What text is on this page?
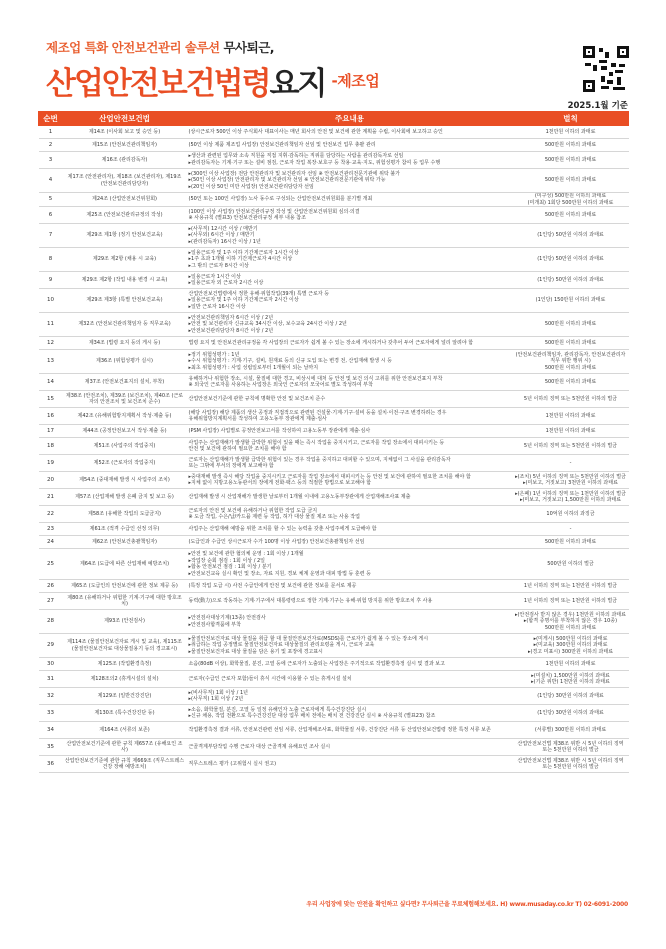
제조업 특화 안전보건관리 솔루션 무사퇴근,
산업안전보건법령요지 $^{-제조업}$
2025.1월 기준
순번	산업안전보건법	주요내용	벌칙
1	제14조 (이사회 보고 및 승인 등)	(상시근로자 500인 이상 주식회사 대표이사는 매년 회사의 안전 및 보건에 관한 계획을 수립, 이사회에 보고하고 승인	1천만원 이하의 과태료
2	제15조 (안전보건관리책임자)	(50인 이상 제품 제조업 사업장) 안전보건관리책임자 선임 및 안전보건 업무 총괄 관리	500만원 이하의 과태료
3	제16조 (관리감독자)	▸생산과 관련된 업무와 소속 직원을 직접 지휘·감독하는 직위를 담당하는 사람을 관리감독자로 선임
▸관리감독자는 기계·기구 또는 설비 점검, 근로자 작업 복장·보호구 등 착용·교육·지도, 위험성평가 참여 등 업무 수행	500만원 이하의 과태료
4	제17조 (안전관리자), 제18조 (보건관리자), 제19조 (안전보건관리담당자)	▸(300인 이상 사업장) 전담 안전관리자 및 보건관리자 선임 ※ 안전보건관리전문기관에 위탁 불가
▸(50인 이상 사업장) 안전관리자 및 보건관리자 선임 ※ 안전보건관리전문기관에 위탁 가능
▸(20인 이상 50인 미만 사업장) 안전보건관리담당자 선임	500만원 이하의 과태료
5	제24조 (산업안전보건위원회)	(50인 또는 100인 사업장) 노사 동수로 구성되는 산업안전보건위원회를 분기별 개최	(미구성) 500만원 이하의 과태료
(미개최) 1회당 500만원 이하의 과태료
6	제25조 (안전보건관리규정의 작성)	(100인 이상 사업장) 안전보건관리규정 작성 및 산업안전보건위원회 심의·의결
※ 사용규칙 (별표3) 안전보건관리규정 세부 내용 참조	500만원 이하의 과태료
7	제29조 제1항 (정기 안전보건교육)	▸(사무직) 12시간 이상 / 매반기
▸(사무외) 6시간 이상 / 매반기
▸(관리감독자) 16시간 이상 / 1년	(1인당) 50만원 이하의 과태료
8	제29조 제2항 (채용 시 교육)	▸일용근로자 및 1주 이하 기간제근로자 1시간 이상
▸1주 초과 1개월 이하 기간제근로자 4시간 이상
▸그 밖의 근로자 8시간 이상	(1인당) 50만원 이하의 과태료
9	제29조 제2항 (작업 내용 변경 시 교육)	▸일용근로자 1시간 이상
▸일용근로자 외 근로자 2시간 이상	(1인당) 50만원 이하의 과태료
10	제29조 제3항 (특별 안전보건교육)	산업안전보건법령에서 정한 유해·위험작업(39개) 특별 근로자 등
▸일용근로자 및 1주 이하 기간제근로자 2시간 이상
▸일반 근로자 16시간 이상	(1인당) 150만원 이하의 과태료
11	제32조 (안전보건관리책임자 등 직무교육)	▸안전보건관리책임자 6시간 이상 / 2년
▸안전 및 보건관리자 신규교육 34시간 이상, 보수교육 24시간 이상 / 2년
▸안전보건관리담당자 8시간 이상 / 2년	500만원 이하의 과태료
12	제34조 (법령 요지 등의 게시 등)	법령 요지 및 안전보건관리규정을 각 사업장의 근로자가 쉽게 볼 수 있는 장소에 게시하거나 갖추어 두어 근로자에게 널리 알려야 함	500만원 이하의 과태료
13	제36조 (위험성평가 실시)	▸정기 위험성평가 : 1년
▸수시 위험성평가 : 기계·기구, 설비, 원재료 등의 신규 도입 또는 변경 전, 산업재해 발생 시 등
▸최초 위험성평가 : 사업 성립일로부터 1개월이 되는 날까지	(안전보건관리책임자, 관리감독자, 안전보건관리자 직무 위반 행위 시)
500만원 이하의 과태료
14	제37조 (안전보건표지의 설치, 부착)	유해하거나 위험한 장소, 시설, 물질에 대한 경고, 비상시에 대처 등 안전 및 보건 의식 고취를 위한 안전보건표지 부착
※ 외국인 근로자를 사용하는 사업장은 외국인 근로자의 모국어로 별도 작성하여 부착	500만원 이하의 과태료
15	제38조 (안전조치), 제39조 (보건조치), 제40조 (근로자의 안전조치 및 보건조치 준수)	산업안전보건기준에 관한 규칙에 명확한 안전 및 보건조치 준수	5년 이하의 징역 또는 5천만원 이하의 벌금
16	제42조 (유해위험방지계획서 작성·제출 등)	(해당 사업장) 해당 제품의 생산 공정과 직접적으로 관련된 건설물·기계·기구·설비 등을 설치·이전·구조 변경하려는 경우
유해위험방지계획서를 작성하여 고용노동부 장관에게 제출·심사	1천만원 이하의 과태료
17	제44조 (공정안전보고서 작성·제출 등)	(PSM 사업장) 사업별로 공정안전보고서를 작성하여 고용노동부 장관에게 제출·심사	1천만원 이하의 과태료
18	제51조 (사업주의 작업중지)	사업주는 산업재해가 발생할 급박한 위험이 있을 때는 즉시 작업을 중지시키고, 근로자를 작업 장소에서 대피시키는 등
안전 및 보건에 관하여 필요한 조치를 해야 함	5년 이하의 징역 또는 5천만원 이하의 벌금
19	제52조 (근로자의 작업중지)	근로자는 산업재해가 발생할 급박한 위험이 있는 경우 작업을 중지하고 대피할 수 있으며, 지체없이 그 사실을 관리감독자
또는 그밖에 부서의 장에게 보고해야 함	-
20	제54조 (중대재해 발생 시 사업주의 조치)	▸중대재해 발생 즉시 해당 작업을 중지시키고 근로자를 작업 장소에서 대피시키는 등 안전 및 보건에 관하여 필요한 조치를 해야 함
▸지체 없이 지방고용노동관서의 장에게 전화·팩스 등의 적절한 방법으로 보고해야 함	▸(조치) 5년 이하의 징역 또는 5천만원 이하의 벌금
▸(미보고, 거짓보고) 3천만원 이하의 과태료
21	제57조 (산업재해 발생 은폐 금지 및 보고 등)	산업재해 발생 시 산업재해가 발생한 날로부터 1개월 이내에 고용노동부장관에게 산업재해조사표 제출	▸(은폐) 1년 이하의 징역 또는 1천만원 이하의 벌금
▸(미보고, 거짓보고) 1,500만원 이하의 과태료
22	제58조 (유해한 작업의 도급금지)	근로자의 안전 및 보건에 유해하거나 위험한 작업 도급 금지
※ 도금 작업, 수은/납/카드뮴 제련 등 작업, 허가 대상 물질 제조 또는 사용 작업	10억원 이하의 과징금
23	제61조 (적격 수급인 선정 의무)	사업주는 산업재해 예방을 위한 조치를 할 수 있는 능력을 갖춘 사업주에게 도급해야 함	-
24	제62조 (안전보건총괄책임자)	(도급인과 수급인 상시근로자 수가 100명 이상 사업장) 안전보건총괄책임자 선임	500만원 이하의 과태료
25	제64조 (도급에 따른 산업재해 예방조치)	▸안전 및 보건에 관한 협의체 운영 : 1회 이상 / 1개월
▸작업장 순회 점검 : 1회 이상 / 2일
▸합동 안전보건 점검 : 1회 이상 / 분기
▸안전보건교육 실시 확인 및 장소, 자료 지원, 경보 체계 운영과 대피 방법 등 훈련 등	500만원 이하의 벌금
26	제65조 (도급인의 안전보건에 관한 정보 제공 등)	(특정 작업 도급 시) 사전 수급인에게 안전 및 보건에 관한 정보를 문서로 제공	1년 이하의 징역 또는 1천만원 이하의 벌금
27	제80조 (유해하거나 위험한 기계·기구에 대한 방호조치)	동력(動力)으로 작동하는 기계·기구에서 대통령령으로 정한 기계·기구는 유해·위험 방지를 위한 방호조치 후 사용	1년 이하의 징역 또는 1천만원 이하의 벌금
28	제93조 (안전검사)	▸안전검사대상기계(13종) 안전검사
▸안전검사합격품에 부착	▸(안전검사 받지 않은 경우) 1천만원 이하의 과태료
▸(합격 증명서를 부착하지 않은 경우 10종)
500만원 이하의 과태료
29	제114조 (물질안전보건자료 게시 및 교육), 제115조 (물질안전보건자료 대상물질용기 등의 경고표시)	▸물질안전보건자료 대상 물질을 취급 할 대 물질안전보건자료(MSDS)를 근로자가 쉽게 볼 수 있는 장소에 게시
▸취급하는 작업 공정별로 물질안전보건자료 대상물질의 관리요령을 게시, 근로자 교육
▸물질안전보건자료 대상 물질을 담은 용기 및 포장에 경고표시	▸(미게시) 500만원 이하의 과태료
▸(미교육) 300만원 이하의 과태료
▸(경고 미표시) 300만원 이하의 과태료
30	제125조 (작업환경측정)	소음(80dB 이상), 화학물질, 분진, 고열 등에 근로자가 노출되는 사업장은 주기적으로 작업환경측정 실시 및 결과 보고	1천만원 이하의 과태료
31	제128조의2 (휴게시설의 설치)	근로자(수급인 근로자 포함)들이 휴식 시간에 이용할 수 있는 휴게시설 설치	▸(미설치) 1,500만원 이하의 과태료
▸(기준 위반) 1천만원 이하의 과태료
32	제129조 (일반건강진단)	▸(비사무직) 1회 이상 / 1년
▸(사무직) 1회 이상 / 2년	(1인당) 30만원 이하의 과태료
33	제130조 (특수건강진단 등)	▸소음, 화학물질, 분진, 고열 등 일정 유해인자 노출 근로자에게 특수건강진단 실시
▸신규 채용, 작업 전환으로 특수건강진단 대상 업무 배치 전에는 배치 전 건강진단 실시 ※ 사용규칙 (별표23) 참조	(1인당) 30만원 이하의 과태료
34	제164조 (서류의 보존)	작업환경측정 결과 서류, 안전보건관련 선임 서류, 산업재해조사표, 화학물질 서류, 건강진단 서류 등 산업안전보건법령 정한 특정 서류 보존	(서류별) 300만원 이하의 과태료
35	산업안전보건기준에 관한 규칙 제657조 (유해요인 조사)	근골격계부담작업 수행 근로자 대상 근골격계 유해요인 조사 실시	산업안전보건법 제38조 위반 시 5년 이하의 징역 또는 5천만원 이하의 벌금
36	산업안전보건기준에 관한 규칙 제669조 (직무스트레스 건강 장해 예방조치)	직무스트레스 평가 (고위험시 실시 권고)	산업안전보건법 제38조 위반 시 5년 이하의 징역 또는 5천만원 이하의 벌금
우리 사업장에 맞는 안전을 확인하고 싶다면? 무사퇴근을 무료체험해보세요. H) www.musaday.co.kr T) 02-6091-2000
